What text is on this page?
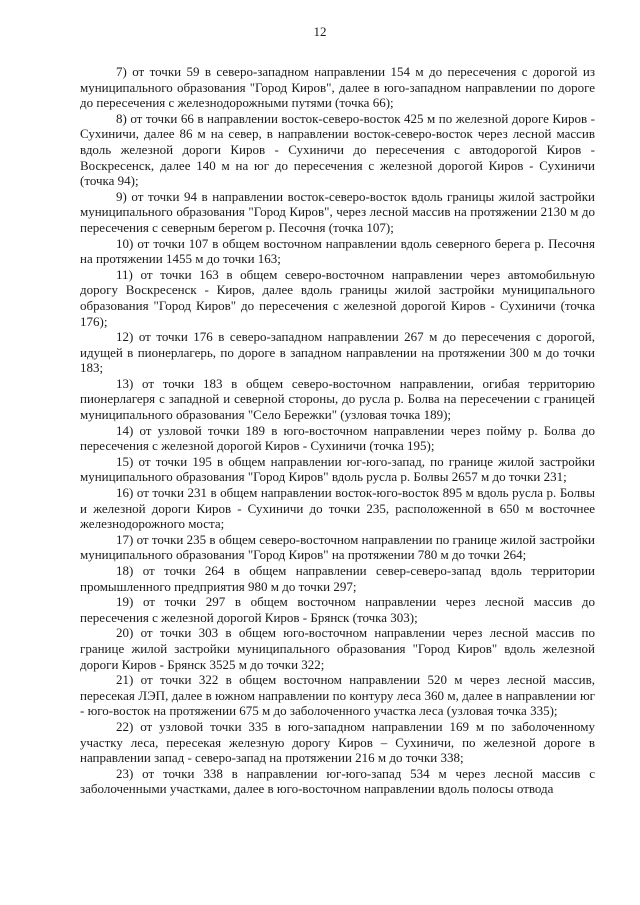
12

7) от точки 59 в северо-западном направлении 154 м до пересечения с дорогой из муниципального образования "Город Киров", далее в юго-западном направлении по дороге до пересечения с железнодорожными путями (точка 66);

8) от точки 66 в направлении восток-северо-восток 425 м по железной дороге Киров - Сухиничи, далее 86 м на север, в направлении восток-северо-восток через лесной массив вдоль железной дороги Киров - Сухиничи до пересечения с автодорогой Киров - Воскресенск, далее 140 м на юг до пересечения с железной дорогой Киров - Сухиничи (точка 94);

9) от точки 94 в направлении восток-северо-восток вдоль границы жилой застройки муниципального образования "Город Киров", через лесной массив на протяжении 2130 м до пересечения с северным берегом р. Песочня (точка 107);

10) от точки 107 в общем восточном направлении вдоль северного берега р. Песочня на протяжении 1455 м до точки 163;

11) от точки 163 в общем северо-восточном направлении через автомобильную дорогу Воскресенск - Киров, далее вдоль границы жилой застройки муниципального образования "Город Киров" до пересечения с железной дорогой Киров - Сухиничи (точка 176);

12) от точки 176 в северо-западном направлении 267 м до пересечения с дорогой, идущей в пионерлагерь, по дороге в западном направлении на протяжении 300 м до точки 183;

13) от точки 183 в общем северо-восточном направлении, огибая территорию пионерлагеря с западной и северной стороны, до русла р. Болва на пересечении с границей муниципального образования "Село Бережки" (узловая точка 189);

14) от узловой точки 189 в юго-восточном направлении через пойму р. Болва до пересечения с железной дорогой Киров - Сухиничи (точка 195);

15) от точки 195 в общем направлении юг-юго-запад, по границе жилой застройки муниципального образования "Город Киров" вдоль русла р. Болвы 2657 м до точки 231;

16) от точки 231 в общем направлении восток-юго-восток 895 м вдоль русла р. Болвы и железной дороги Киров - Сухиничи до точки 235, расположенной в 650 м восточнее железнодорожного моста;

17) от точки 235 в общем северо-восточном направлении по границе жилой застройки муниципального образования "Город Киров" на протяжении 780 м до точки 264;

18) от точки 264 в общем направлении север-северо-запад вдоль территории промышленного предприятия 980 м до точки 297;

19) от точки 297 в общем восточном направлении через лесной массив до пересечения с железной дорогой Киров - Брянск (точка 303);

20) от точки 303 в общем юго-восточном направлении через лесной массив по границе жилой застройки муниципального образования "Город Киров" вдоль железной дороги Киров - Брянск 3525 м до точки 322;

21) от точки 322 в общем восточном направлении 520 м через лесной массив, пересекая ЛЭП, далее в южном направлении по контуру леса 360 м, далее в направлении юг - юго-восток на протяжении 675 м до заболоченного участка леса (узловая точка 335);

22) от узловой точки 335 в юго-западном направлении 169 м по заболоченному участку леса, пересекая железную дорогу Киров – Сухиничи, по железной дороге в направлении запад - северо-запад на протяжении 216 м до точки 338;

23) от точки 338 в направлении юг-юго-запад 534 м через лесной массив с заболоченными участками, далее в юго-восточном направлении вдоль полосы отвода
